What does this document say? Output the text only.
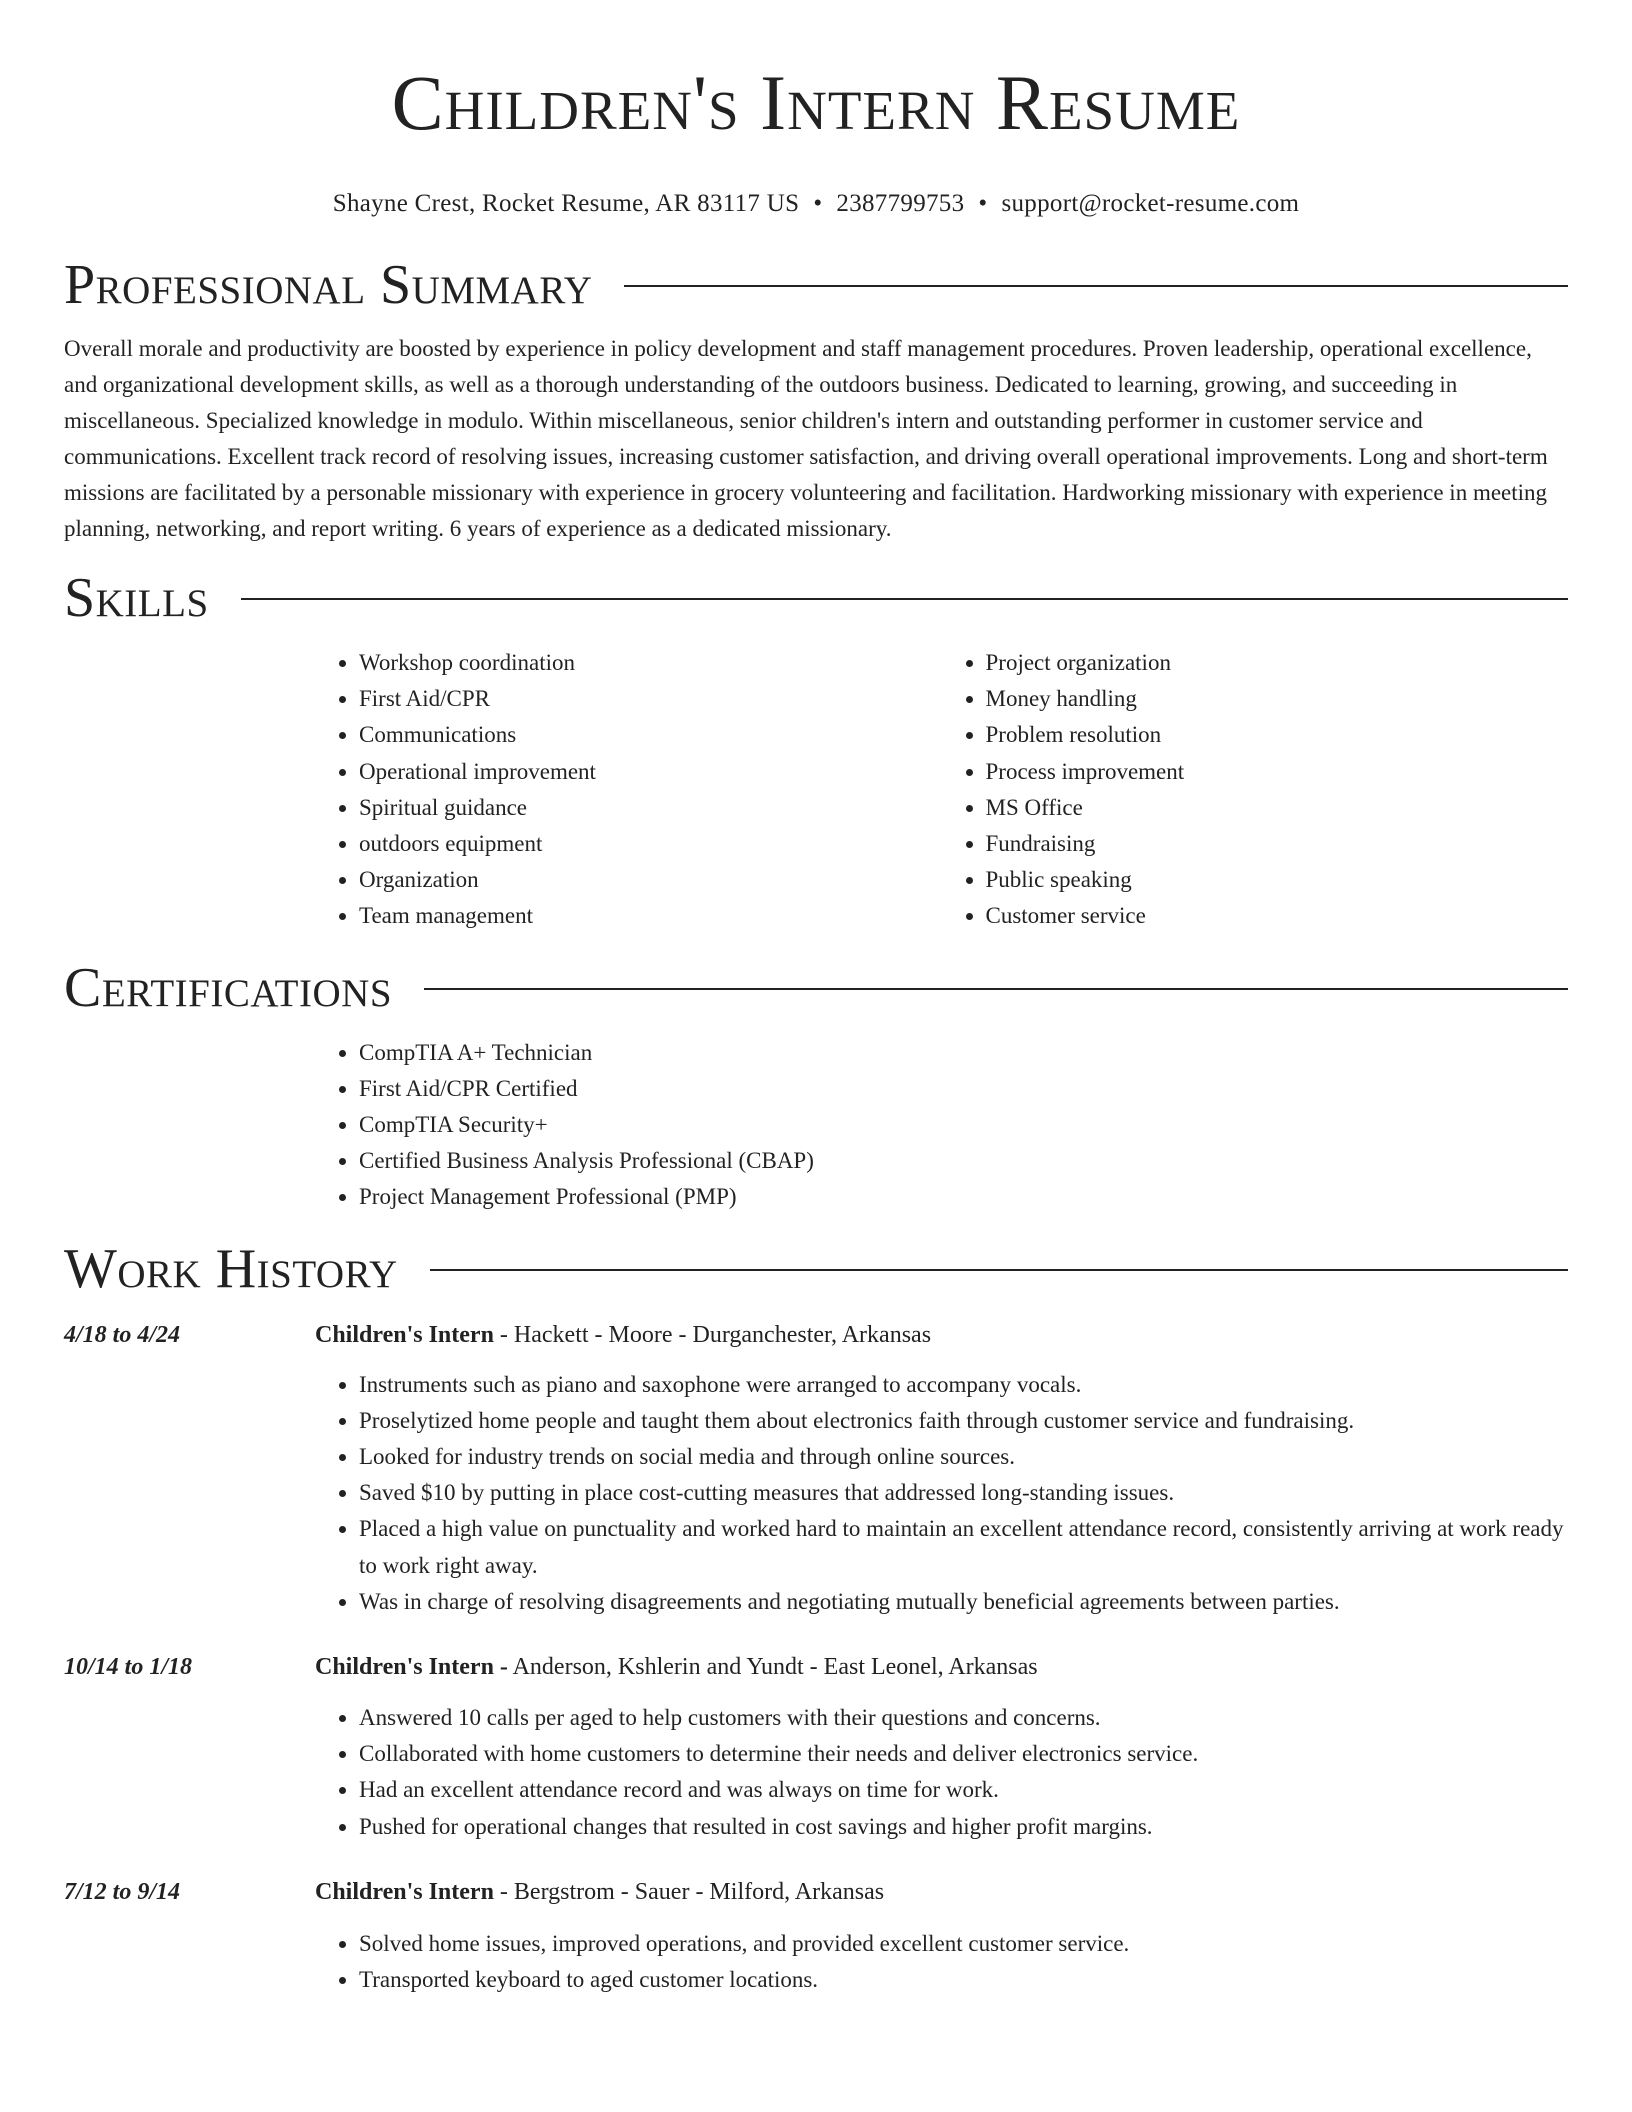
Children's Intern Resume
Shayne Crest, Rocket Resume, AR 83117 US • 2387799753 • support@rocket-resume.com
Professional Summary

Overall morale and productivity are boosted by experience in policy development and staff management procedures. Proven leadership, operational excellence, and organizational development skills, as well as a thorough understanding of the outdoors business. Dedicated to learning, growing, and succeeding in miscellaneous. Specialized knowledge in modulo. Within miscellaneous, senior children's intern and outstanding performer in customer service and communications. Excellent track record of resolving issues, increasing customer satisfaction, and driving overall operational improvements. Long and short-term missions are facilitated by a personable missionary with experience in grocery volunteering and facilitation. Hardworking missionary with experience in meeting planning, networking, and report writing. 6 years of experience as a dedicated missionary.

Skills
• Workshop coordination
• First Aid/CPR
• Communications
• Operational improvement
• Spiritual guidance
• outdoors equipment
• Organization
• Team management
• Project organization
• Money handling
• Problem resolution
• Process improvement
• MS Office
• Fundraising
• Public speaking
• Customer service
Certifications
• CompTIA A+ Technician
• First Aid/CPR Certified
• CompTIA Security+
• Certified Business Analysis Professional (CBAP)
• Project Management Professional (PMP)
Work History
4/18 to 4/24	Children's Intern - Hackett - Moore - Durganchester, Arkansas
• Instruments such as piano and saxophone were arranged to accompany vocals.
• Proselytized home people and taught them about electronics faith through customer service and fundraising.
• Looked for industry trends on social media and through online sources.
• Saved $10 by putting in place cost-cutting measures that addressed long-standing issues.
• Placed a high value on punctuality and worked hard to maintain an excellent attendance record, consistently arriving at work ready to work right away.
• Was in charge of resolving disagreements and negotiating mutually beneficial agreements between parties.
10/14 to 1/18	Children's Intern - Anderson, Kshlerin and Yundt - East Leonel, Arkansas
• Answered 10 calls per aged to help customers with their questions and concerns.
• Collaborated with home customers to determine their needs and deliver electronics service.
• Had an excellent attendance record and was always on time for work.
• Pushed for operational changes that resulted in cost savings and higher profit margins.
7/12 to 9/14	Children's Intern - Bergstrom - Sauer - Milford, Arkansas
• Solved home issues, improved operations, and provided excellent customer service.
• Transported keyboard to aged customer locations.
